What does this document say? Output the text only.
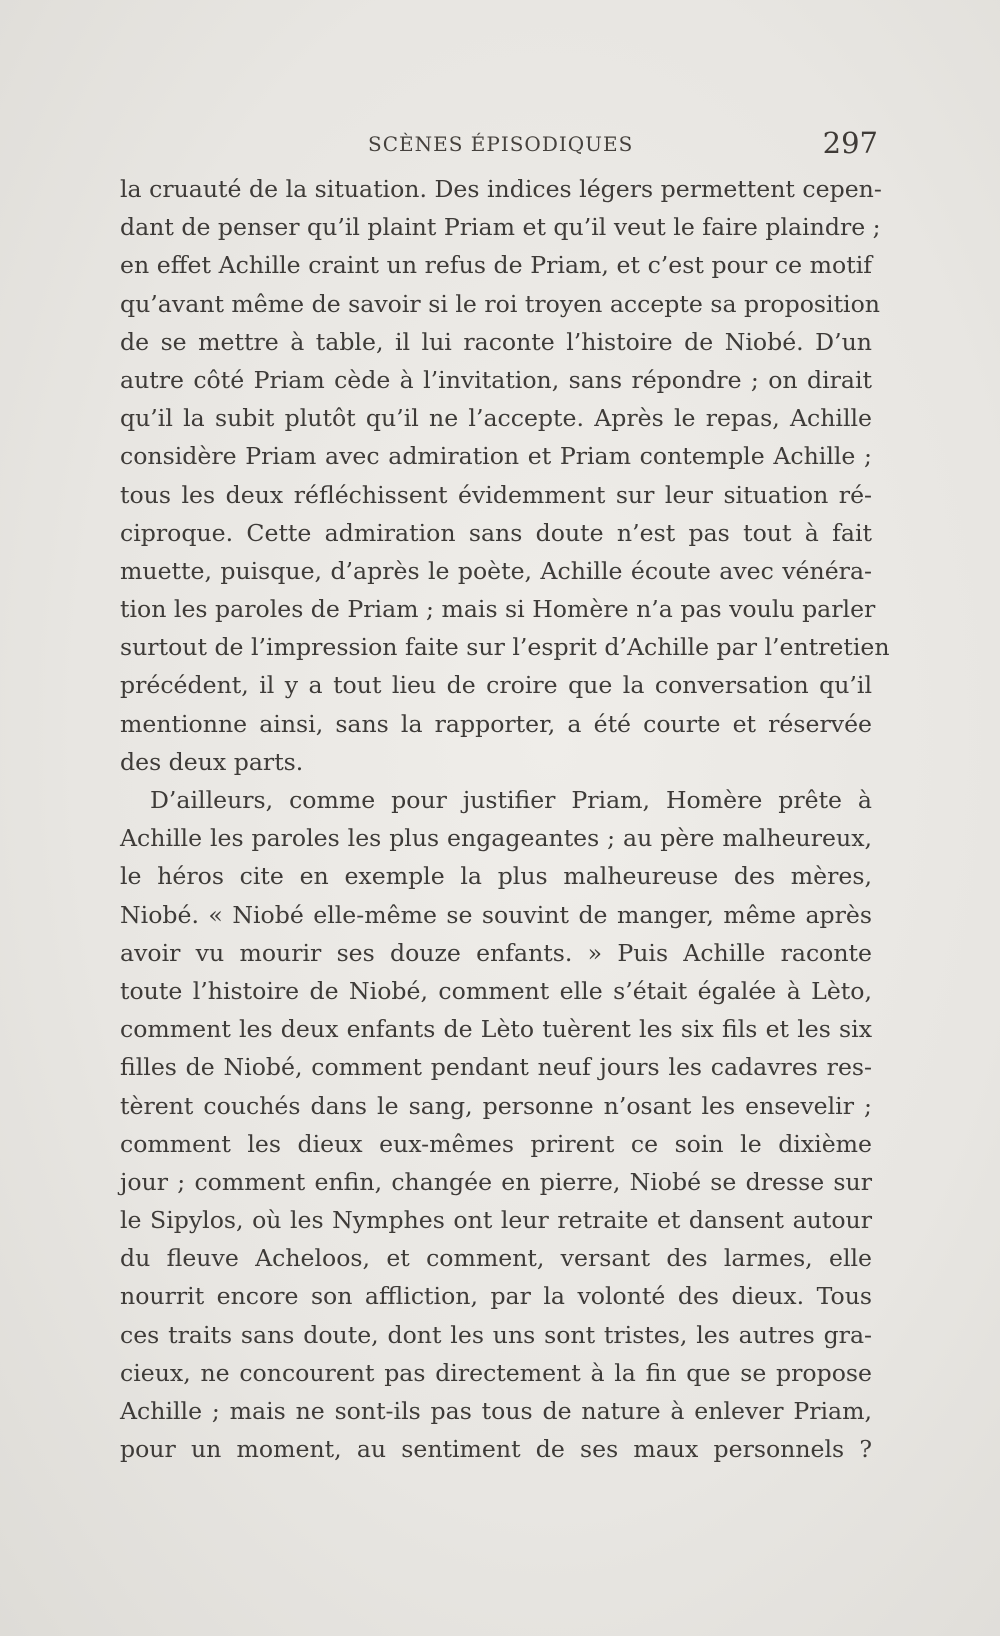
SCÈNES ÉPISODIQUES	297
la cruauté de la situation. Des indices légers permettent cepen-
dant de penser qu’il plaint Priam et qu’il veut le faire plaindre ;
en effet Achille craint un refus de Priam, et c’est pour ce motif
qu’avant même de savoir si le roi troyen accepte sa proposition
de se mettre à table, il lui raconte l’histoire de Niobé. D’un
autre côté Priam cède à l’invitation, sans répondre ; on dirait
qu’il la subit plutôt qu’il ne l’accepte. Après le repas, Achille
considère Priam avec admiration et Priam contemple Achille ;
tous les deux réfléchissent évidemment sur leur situation ré-
ciproque. Cette admiration sans doute n’est pas tout à fait
muette, puisque, d’après le poète, Achille écoute avec vénéra-
tion les paroles de Priam ; mais si Homère n’a pas voulu parler
surtout de l’impression faite sur l’esprit d’Achille par l’entretien
précédent, il y a tout lieu de croire que la conversation qu’il
mentionne ainsi, sans la rapporter, a été courte et réservée
des deux parts.
D’ailleurs, comme pour justifier Priam, Homère prête à
Achille les paroles les plus engageantes ; au père malheureux,
le héros cite en exemple la plus malheureuse des mères,
Niobé. « Niobé elle-même se souvint de manger, même après
avoir vu mourir ses douze enfants. » Puis Achille raconte
toute l’histoire de Niobé, comment elle s’était égalée à Lèto,
comment les deux enfants de Lèto tuèrent les six fils et les six
filles de Niobé, comment pendant neuf jours les cadavres res-
tèrent couchés dans le sang, personne n’osant les ensevelir ;
comment les dieux eux-mêmes prirent ce soin le dixième
jour ; comment enfin, changée en pierre, Niobé se dresse sur
le Sipylos, où les Nymphes ont leur retraite et dansent autour
du fleuve Acheloos, et comment, versant des larmes, elle
nourrit encore son affliction, par la volonté des dieux. Tous
ces traits sans doute, dont les uns sont tristes, les autres gra-
cieux, ne concourent pas directement à la fin que se propose
Achille ; mais ne sont-ils pas tous de nature à enlever Priam,
pour un moment, au sentiment de ses maux personnels ?
